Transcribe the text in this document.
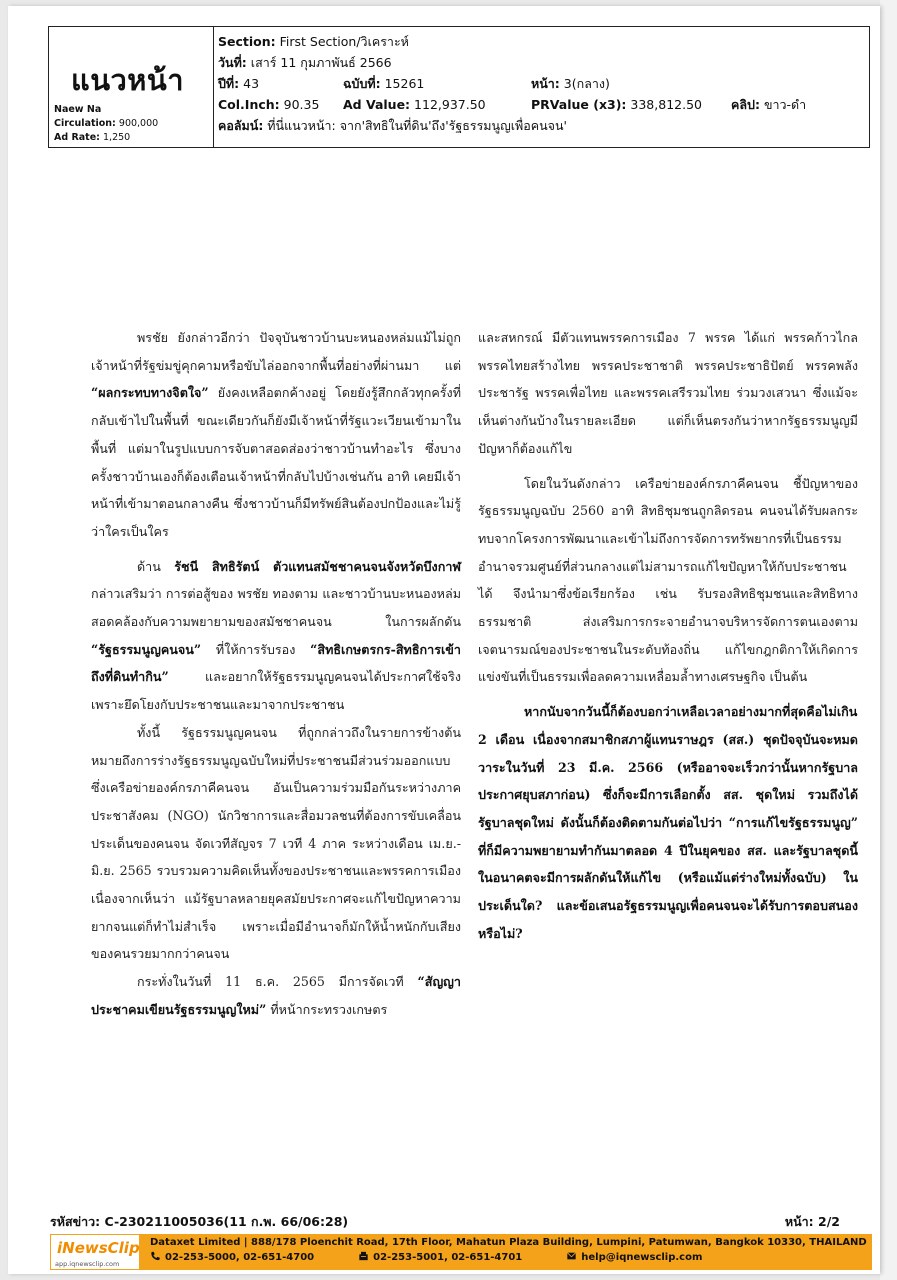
แนวหน้า
Naew Na
Circulation: 900,000
Ad Rate: 1,250
Section:
First Section/วิเคราะห์
วันที่:
เสาร์ 11 กุมภาพันธ์ 2566
ปีที่: 43	ฉบับที่: 15261	หน้า: 3(กลาง)
Col.Inch: 90.35	Ad Value: 112,937.50	PRValue (x3): 338,812.50	คลิป: ขาว-ดำ
คอลัมน์:
ที่นี่แนวหน้า: จาก'สิทธิในที่ดิน'ถึง'รัฐธรรมนูญเพื่อคนจน'

พรชัย ยังกล่าวอีกว่า ปัจจุบันชาวบ้านบะหนองหล่มแม้ไม่ถูกเจ้าหน้าที่รัฐข่มขู่คุกคามหรือขับไล่ออกจากพื้นที่อย่างที่ผ่านมา แต่ “ผลกระทบทางจิตใจ” ยังคงเหลือตกค้างอยู่ โดยยังรู้สึกกลัวทุกครั้งที่กลับเข้าไปในพื้นที่ ขณะเดียวกันก็ยังมีเจ้าหน้าที่รัฐแวะเวียนเข้ามาในพื้นที่ แต่มาในรูปแบบการจับตาสอดส่องว่าชาวบ้านทำอะไร ซึ่งบางครั้งชาวบ้านเองก็ต้องเตือนเจ้าหน้าที่กลับไปบ้างเช่นกัน อาทิ เคยมีเจ้าหน้าที่เข้ามาตอนกลางคืน ซึ่งชาวบ้านก็มีทรัพย์สินต้องปกป้องและไม่รู้ว่าใครเป็นใคร

ด้าน รัชนี สิทธิรัตน์ ตัวแทนสมัชชาคนจนจังหวัดบึงกาฬ กล่าวเสริมว่า การต่อสู้ของ พรชัย ทองตาม และชาวบ้านบะหนองหล่ม สอดคล้องกับความพยายามของสมัชชาคนจน ในการผลักดัน “รัฐธรรมนูญคนจน” ที่ให้การรับรอง “สิทธิเกษตรกร-สิทธิการเข้าถึงที่ดินทำกิน”	และอยากให้รัฐธรรมนูญคนจนได้ประกาศใช้จริงเพราะยึดโยงกับประชาชนและมาจากประชาชน

ทั้งนี้ รัฐธรรมนูญคนจน ที่ถูกกล่าวถึงในรายการข้างต้น หมายถึงการร่างรัฐธรรมนูญฉบับใหม่ที่ประชาชนมีส่วนร่วมออกแบบ ซึ่งเครือข่ายองค์กรภาคีคนจน อันเป็นความร่วมมือกันระหว่างภาคประชาสังคม (NGO) นักวิชาการและสื่อมวลชนที่ต้องการขับเคลื่อนประเด็นของคนจน จัดเวทีสัญจร 7 เวที 4 ภาค ระหว่างเดือน เม.ย.-มิ.ย. 2565 รวบรวมความคิดเห็นทั้งของประชาชนและพรรคการเมือง เนื่องจากเห็นว่า แม้รัฐบาลหลายยุคสมัยประกาศจะแก้ไขปัญหาความยากจนแต่ก็ทำไม่สำเร็จ เพราะเมื่อมีอำนาจก็มักให้น้ำหนักกับเสียงของคนรวยมากกว่าคนจน

กระทั่งในวันที่ 11 ธ.ค. 2565 มีการจัดเวที “สัญญาประชาคมเขียนรัฐธรรมนูญใหม่” ที่หน้ากระทรวงเกษตร

และสหกรณ์ มีตัวแทนพรรคการเมือง 7 พรรค ได้แก่ พรรคก้าวไกล พรรคไทยสร้างไทย พรรคประชาชาติ พรรคประชาธิปัตย์ พรรคพลังประชารัฐ พรรคเพื่อไทย และพรรคเสรีรวมไทย ร่วมวงเสวนา ซึ่งแม้จะเห็นต่างกันบ้างในรายละเอียด แต่ก็เห็นตรงกันว่าหากรัฐธรรมนูญมีปัญหาก็ต้องแก้ไข

โดยในวันดังกล่าว เครือข่ายองค์กรภาคีคนจน ชี้ปัญหาของรัฐธรรมนูญฉบับ 2560 อาทิ สิทธิชุมชนถูกลิดรอน คนจนได้รับผลกระทบจากโครงการพัฒนาและเข้าไม่ถึงการจัดการทรัพยากรที่เป็นธรรม อำนาจรวมศูนย์ที่ส่วนกลางแต่ไม่สามารถแก้ไขปัญหาให้กับประชาชนได้ จึงนำมาซึ่งข้อเรียกร้อง เช่น รับรองสิทธิชุมชนและสิทธิทางธรรมชาติ ส่งเสริมการกระจายอำนาจบริหารจัดการตนเองตามเจตนารมณ์ของประชาชนในระดับท้องถิ่น แก้ไขกฎกติกาให้เกิดการแข่งขันที่เป็นธรรมเพื่อลดความเหลื่อมล้ำทางเศรษฐกิจ เป็นต้น

หากนับจากวันนี้ก็ต้องบอกว่าเหลือเวลาอย่างมากที่สุดคือไม่เกิน 2 เดือน เนื่องจากสมาชิกสภาผู้แทนราษฎร (สส.) ชุดปัจจุบันจะหมดวาระในวันที่ 23 มี.ค. 2566 (หรืออาจจะเร็วกว่านั้นหากรัฐบาลประกาศยุบสภาก่อน) ซึ่งก็จะมีการเลือกตั้ง สส. ชุดใหม่ รวมถึงได้รัฐบาลชุดใหม่ ดังนั้นก็ต้องติดตามกันต่อไปว่า “การแก้ไขรัฐธรรมนูญ” ที่ก็มีความพยายามทำกันมาตลอด 4 ปีในยุคของ สส. และรัฐบาลชุดนี้ ในอนาคตจะมีการผลักดันให้แก้ไข (หรือแม้แต่ร่างใหม่ทั้งฉบับ) ในประเด็นใด? และข้อเสนอรัฐธรรมนูญเพื่อคนจนจะได้รับการตอบสนองหรือไม่?

รหัสข่าว: C-230211005036(11 ก.พ. 66/06:28)	หน้า: 2/2
iNewsClip
app.iqnewsclip.com
Dataxet Limited | 888/178 Ploenchit Road, 17th Floor, Mahatun Plaza Building, Lumpini, Patumwan, Bangkok 10330, THAILAND
02-253-5000, 02-651-4700	02-253-5001, 02-651-4701	help@iqnewsclip.com
